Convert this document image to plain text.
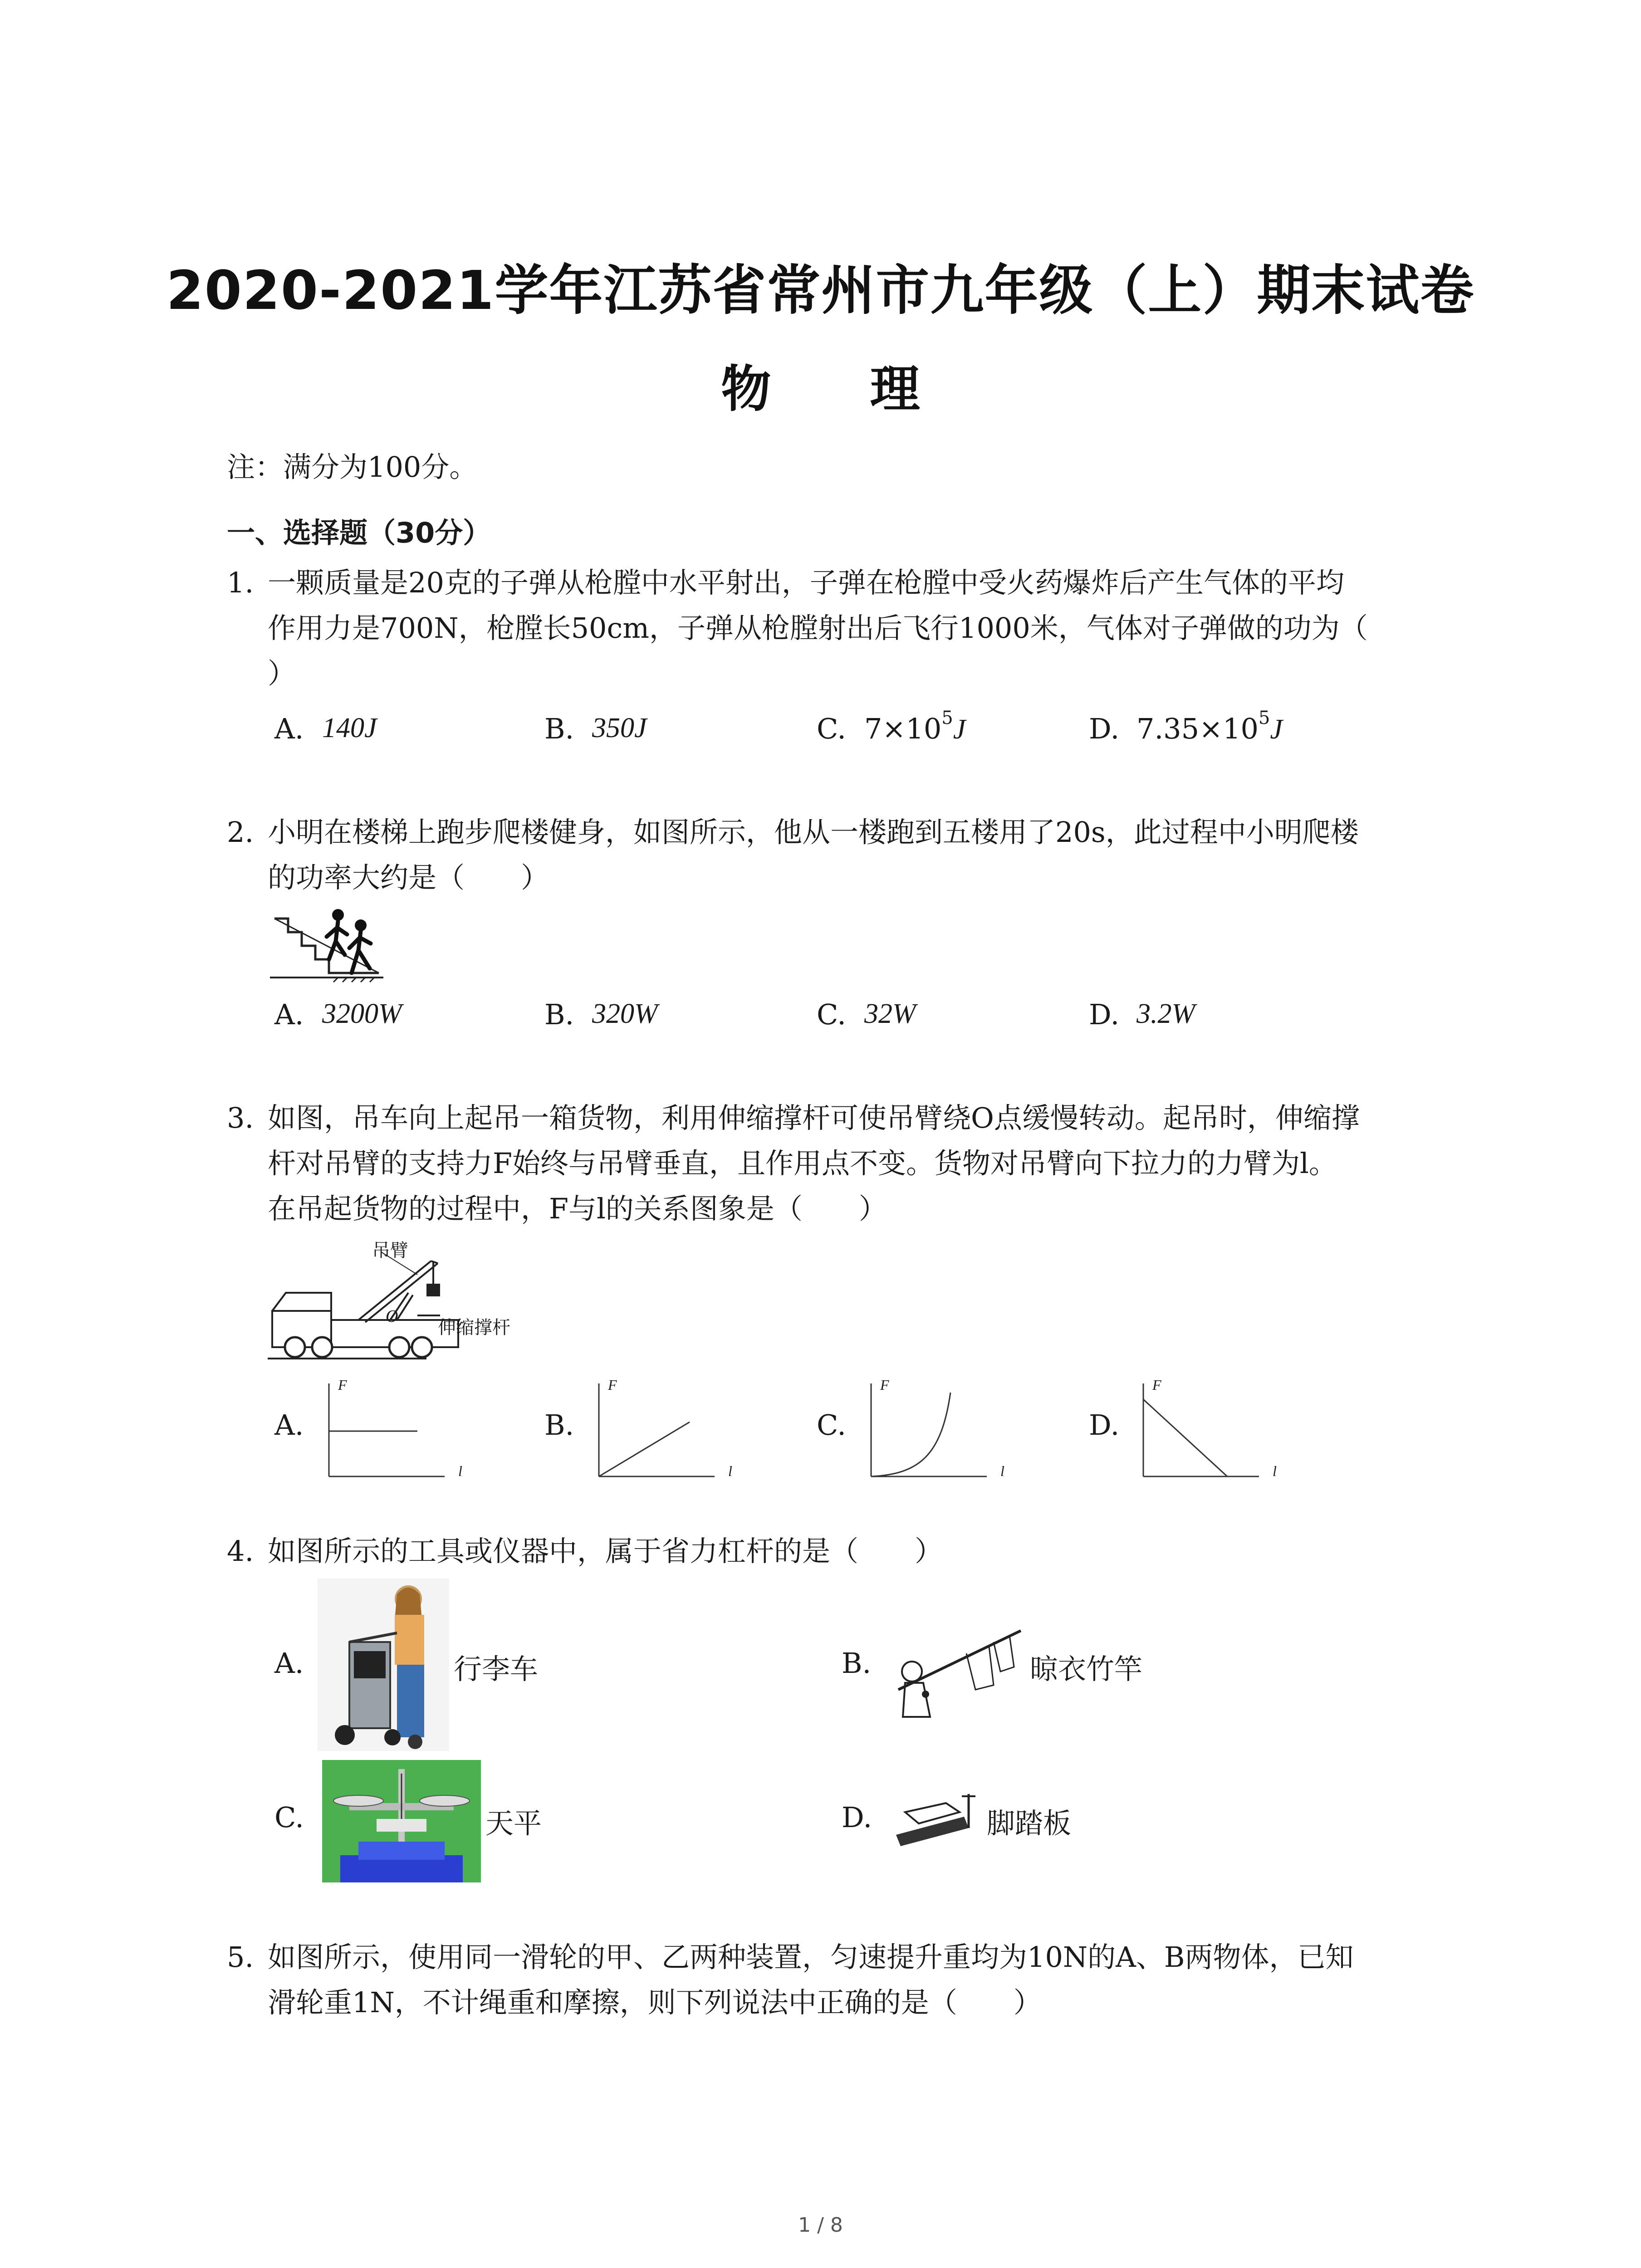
2020-2021学年江苏省常州市九年级（上）期末试卷
物 理
注：满分为100分。
一、选择题（30分）
1. 一颗质量是20克的子弹从枪膛中水平射出，子弹在枪膛中受火药爆炸后产生气体的平均
作用力是700N，枪膛长50cm，子弹从枪膛射出后飞行1000米，气体对子弹做的功为（
）
A. 140J	B. 350J	C. $7\times 10^5J$	D. $7.35\times 10^5J$
2. 小明在楼梯上跑步爬楼健身，如图所示，他从一楼跑到五楼用了20s，此过程中小明爬楼
的功率大约是（　　）
A. 3200W	B. 320W	C. 32W	D. 3.2W
3. 如图，吊车向上起吊一箱货物，利用伸缩撑杆可使吊臂绕O点缓慢转动。起吊时，伸缩撑
杆对吊臂的支持力F始终与吊臂垂直，且作用点不变。货物对吊臂向下拉力的力臂为l。
在吊起货物的过程中，F与l的关系图象是（　　）
吊臂
伸缩撑杆
O
A.
F
l
B.
F
l
C.
F
l
D.
F
l
4. 如图所示的工具或仪器中，属于省力杠杆的是（　　）
A.	行李车	B.	晾衣竹竿
C.	天平	D.	脚踏板
5. 如图所示，使用同一滑轮的甲、乙两种装置，匀速提升重均为10N的A、B两物体，已知
滑轮重1N，不计绳重和摩擦，则下列说法中正确的是（　　）
1 / 8
